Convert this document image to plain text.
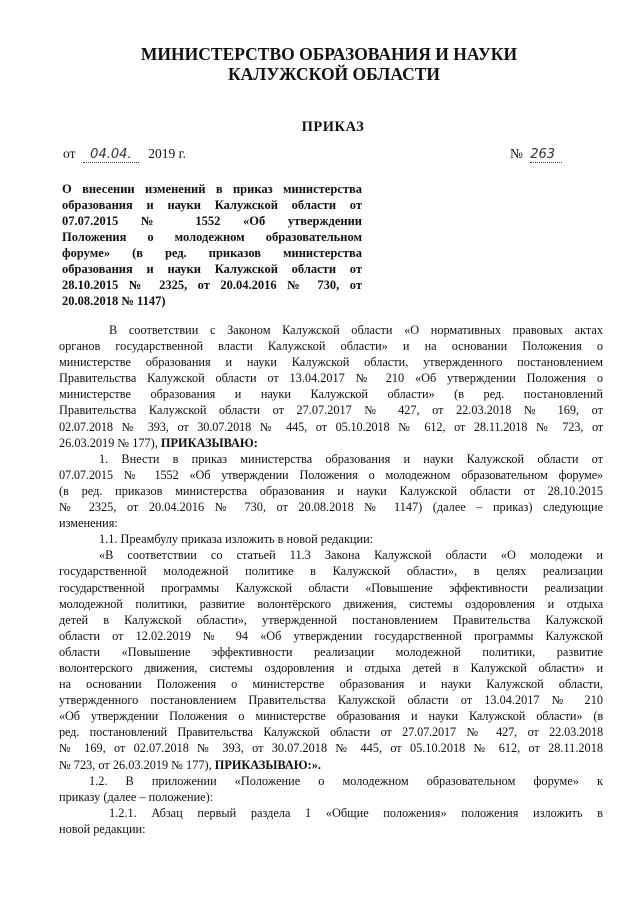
МИНИСТЕРСТВО ОБРАЗОВАНИЯ И НАУКИ
КАЛУЖСКОЙ ОБЛАСТИ
ПРИКАЗ
от 04.04. 2019 г.	№ 263
О внесении изменений в приказ министерства
образования и науки Калужской области от
07.07.2015 № 1552 «Об утверждении
Положения о молодежном образовательном
форуме» (в ред. приказов министерства
образования и науки Калужской области от
28.10.2015 № 2325, от 20.04.2016 № 730, от
20.08.2018 № 1147)
В соответствии с Законом Калужской области «О нормативных правовых актах
органов государственной власти Калужской области» и на основании Положения о
министерстве образования и науки Калужской области, утвержденного постановлением
Правительства Калужской области от 13.04.2017 № 210 «Об утверждении Положения о
министерстве образования и науки Калужской области» (в ред. постановлений
Правительства Калужской области от 27.07.2017 № 427, от 22.03.2018 № 169, от
02.07.2018 № 393, от 30.07.2018 № 445, от 05.10.2018 № 612, от 28.11.2018 № 723, от
26.03.2019 № 177), ПРИКАЗЫВАЮ:
1. Внести в приказ министерства образования и науки Калужской области от
07.07.2015 № 1552 «Об утверждении Положения о молодежном образовательном форуме»
(в ред. приказов министерства образования и науки Калужской области от 28.10.2015
№ 2325, от 20.04.2016 № 730, от 20.08.2018 № 1147) (далее – приказ) следующие
изменения:
1.1. Преамбулу приказа изложить в новой редакции:
«В соответствии со статьей 11.3 Закона Калужской области «О молодежи и
государственной молодежной политике в Калужской области», в целях реализации
государственной программы Калужской области «Повышение эффективности реализации
молодежной политики, развитие волонтёрского движения, системы оздоровления и отдыха
детей в Калужской области», утвержденной постановлением Правительства Калужской
области от 12.02.2019 № 94 «Об утверждении государственной программы Калужской
области «Повышение эффективности реализации молодежной политики, развитие
волонтерского движения, системы оздоровления и отдыха детей в Калужской области» и
на основании Положения о министерстве образования и науки Калужской области,
утвержденного постановлением Правительства Калужской области от 13.04.2017 № 210
«Об утверждении Положения о министерстве образования и науки Калужской области» (в
ред. постановлений Правительства Калужской области от 27.07.2017 № 427, от 22.03.2018
№ 169, от 02.07.2018 № 393, от 30.07.2018 № 445, от 05.10.2018 № 612, от 28.11.2018
№ 723, от 26.03.2019 № 177), ПРИКАЗЫВАЮ:».
1.2. В приложении «Положение о молодежном образовательном форуме» к
приказу (далее – положение):
1.2.1. Абзац первый раздела 1 «Общие положения» положения изложить в
новой редакции:
